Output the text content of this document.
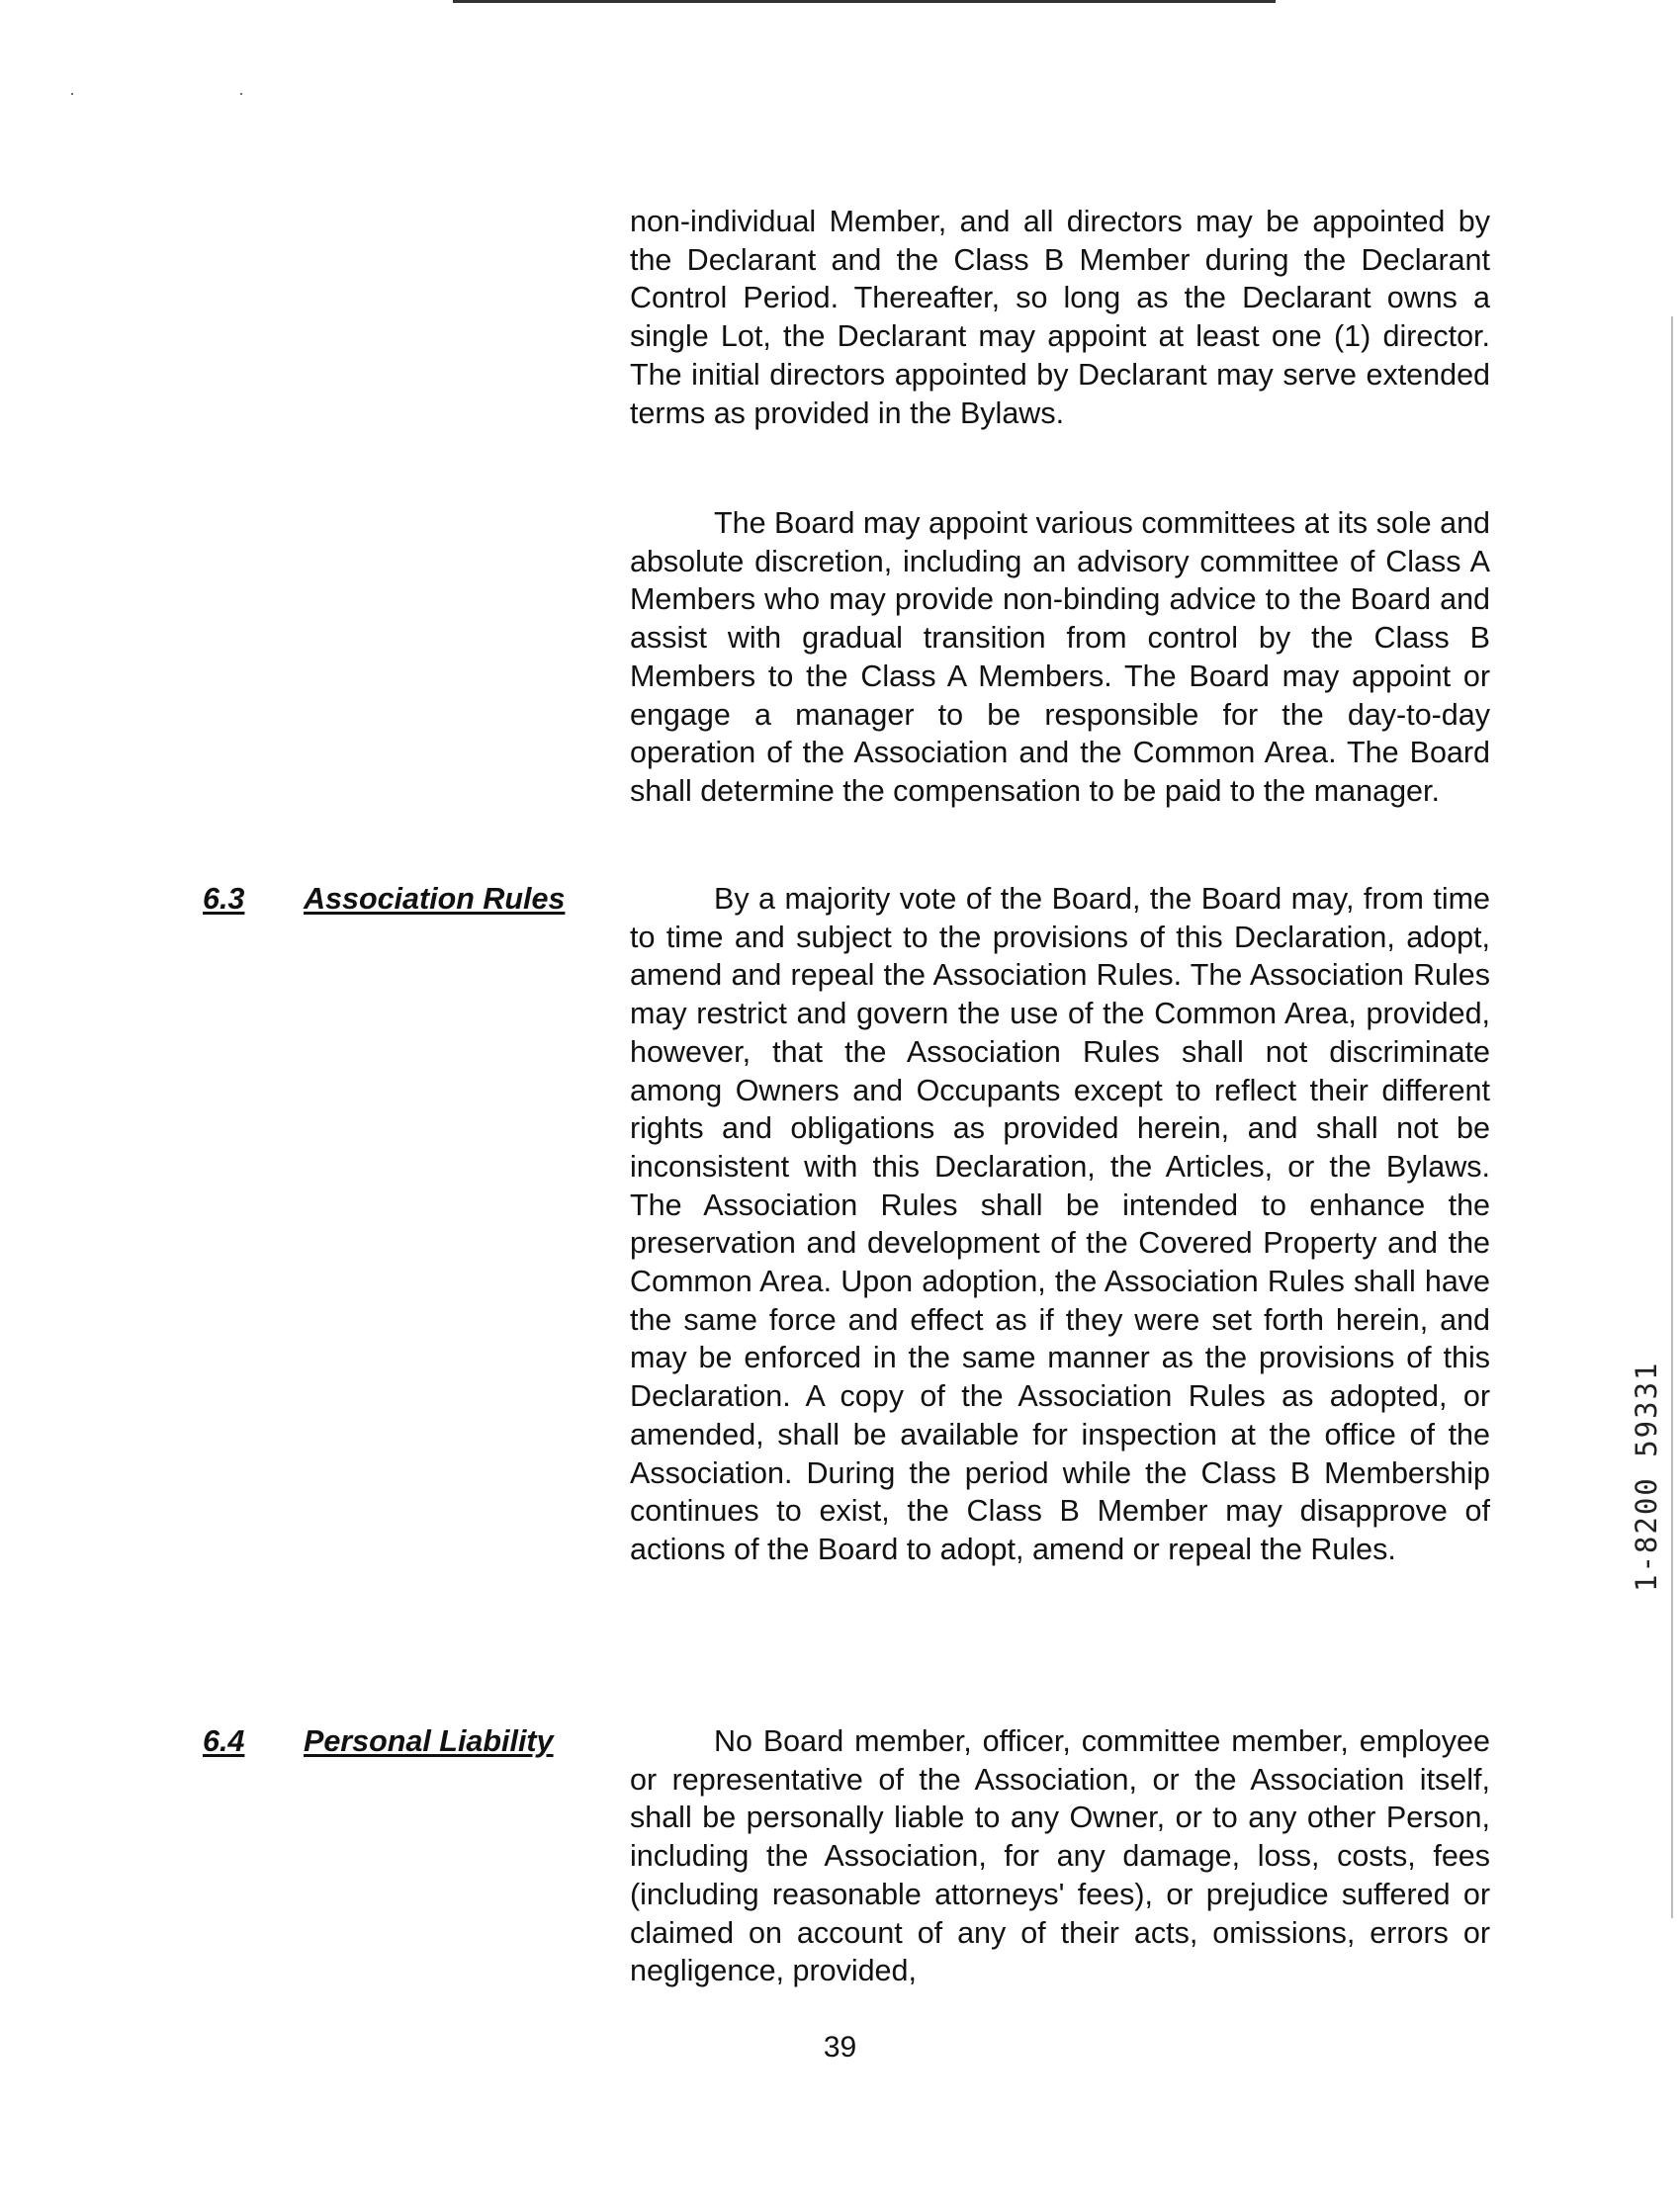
· ·
non-individual Member, and all directors may be appointed by the Declarant and the Class B Member during the Declarant Control Period. Thereafter, so long as the Declarant owns a single Lot, the Declarant may appoint at least one (1) director. The initial directors appointed by Declarant may serve extended terms as provided in the Bylaws.
The Board may appoint various committees at its sole and absolute discretion, including an advisory committee of Class A Members who may provide non-binding advice to the Board and assist with gradual transition from control by the Class B Members to the Class A Members. The Board may appoint or engage a manager to be responsible for the day-to-day operation of the Association and the Common Area. The Board shall determine the compensation to be paid to the manager.
6.3 Association Rules	By a majority vote of the Board, the Board may, from time to time and subject to the provisions of this Declaration, adopt, amend and repeal the Association Rules. The Association Rules may restrict and govern the use of the Common Area, provided, however, that the Association Rules shall not discriminate among Owners and Occupants except to reflect their different rights and obligations as provided herein, and shall not be inconsistent with this Declaration, the Articles, or the Bylaws. The Association Rules shall be intended to enhance the preservation and development of the Covered Property and the Common Area. Upon adoption, the Association Rules shall have the same force and effect as if they were set forth herein, and may be enforced in the same manner as the provisions of this Declaration. A copy of the Association Rules as adopted, or amended, shall be available for inspection at the office of the Association. During the period while the Class B Membership continues to exist, the Class B Member may disapprove of actions of the Board to adopt, amend or repeal the Rules.
6.4 Personal Liability	No Board member, officer, committee member, employee or representative of the Association, or the Association itself, shall be personally liable to any Owner, or to any other Person, including the Association, for any damage, loss, costs, fees (including reasonable attorneys' fees), or prejudice suffered or claimed on account of any of their acts, omissions, errors or negligence, provided,
39
1-8200 59331
